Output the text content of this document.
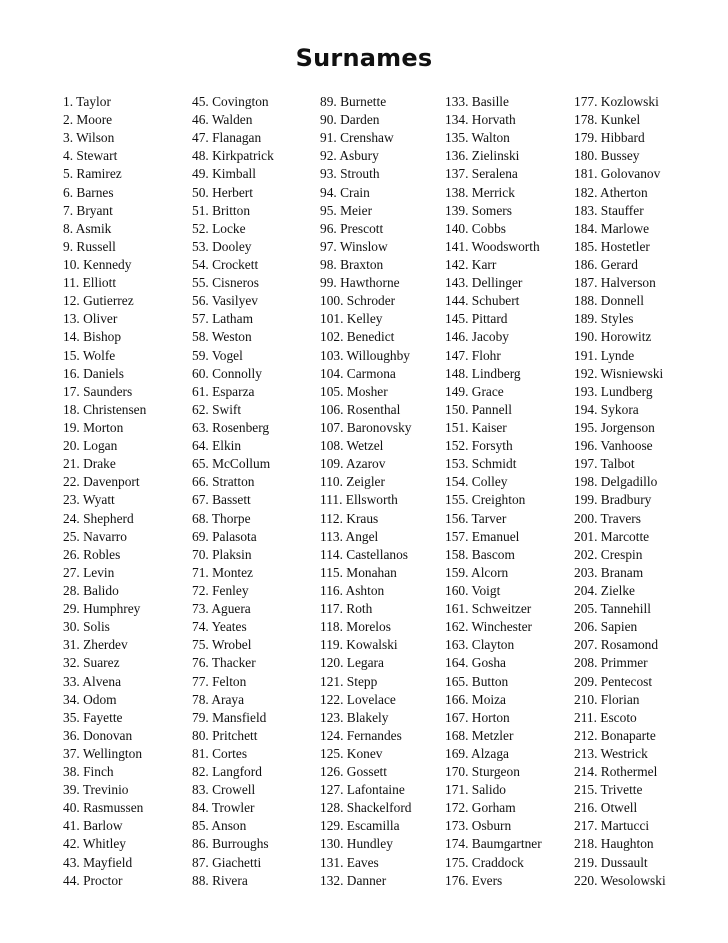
Surnames
1. Taylor
2. Moore
3. Wilson
4. Stewart
5. Ramirez
6. Barnes
7. Bryant
8. Asmik
9. Russell
10. Kennedy
11. Elliott
12. Gutierrez
13. Oliver
14. Bishop
15. Wolfe
16. Daniels
17. Saunders
18. Christensen
19. Morton
20. Logan
21. Drake
22. Davenport
23. Wyatt
24. Shepherd
25. Navarro
26. Robles
27. Levin
28. Balido
29. Humphrey
30. Solis
31. Zherdev
32. Suarez
33. Alvena
34. Odom
35. Fayette
36. Donovan
37. Wellington
38. Finch
39. Trevinio
40. Rasmussen
41. Barlow
42. Whitley
43. Mayfield
44. Proctor
45. Covington
46. Walden
47. Flanagan
48. Kirkpatrick
49. Kimball
50. Herbert
51. Britton
52. Locke
53. Dooley
54. Crockett
55. Cisneros
56. Vasilyev
57. Latham
58. Weston
59. Vogel
60. Connolly
61. Esparza
62. Swift
63. Rosenberg
64. Elkin
65. McCollum
66. Stratton
67. Bassett
68. Thorpe
69. Palasota
70. Plaksin
71. Montez
72. Fenley
73. Aguera
74. Yeates
75. Wrobel
76. Thacker
77. Felton
78. Araya
79. Mansfield
80. Pritchett
81. Cortes
82. Langford
83. Crowell
84. Trowler
85. Anson
86. Burroughs
87. Giachetti
88. Rivera
89. Burnette
90. Darden
91. Crenshaw
92. Asbury
93. Strouth
94. Crain
95. Meier
96. Prescott
97. Winslow
98. Braxton
99. Hawthorne
100. Schroder
101. Kelley
102. Benedict
103. Willoughby
104. Carmona
105. Mosher
106. Rosenthal
107. Baronovsky
108. Wetzel
109. Azarov
110. Zeigler
111. Ellsworth
112. Kraus
113. Angel
114. Castellanos
115. Monahan
116. Ashton
117. Roth
118. Morelos
119. Kowalski
120. Legara
121. Stepp
122. Lovelace
123. Blakely
124. Fernandes
125. Konev
126. Gossett
127. Lafontaine
128. Shackelford
129. Escamilla
130. Hundley
131. Eaves
132. Danner
133. Basille
134. Horvath
135. Walton
136. Zielinski
137. Seralena
138. Merrick
139. Somers
140. Cobbs
141. Woodsworth
142. Karr
143. Dellinger
144. Schubert
145. Pittard
146. Jacoby
147. Flohr
148. Lindberg
149. Grace
150. Pannell
151. Kaiser
152. Forsyth
153. Schmidt
154. Colley
155. Creighton
156. Tarver
157. Emanuel
158. Bascom
159. Alcorn
160. Voigt
161. Schweitzer
162. Winchester
163. Clayton
164. Gosha
165. Button
166. Moiza
167. Horton
168. Metzler
169. Alzaga
170. Sturgeon
171. Salido
172. Gorham
173. Osburn
174. Baumgartner
175. Craddock
176. Evers
177. Kozlowski
178. Kunkel
179. Hibbard
180. Bussey
181. Golovanov
182. Atherton
183. Stauffer
184. Marlowe
185. Hostetler
186. Gerard
187. Halverson
188. Donnell
189. Styles
190. Horowitz
191. Lynde
192. Wisniewski
193. Lundberg
194. Sykora
195. Jorgenson
196. Vanhoose
197. Talbot
198. Delgadillo
199. Bradbury
200. Travers
201. Marcotte
202. Crespin
203. Branam
204. Zielke
205. Tannehill
206. Sapien
207. Rosamond
208. Primmer
209. Pentecost
210. Florian
211. Escoto
212. Bonaparte
213. Westrick
214. Rothermel
215. Trivette
216. Otwell
217. Martucci
218. Haughton
219. Dussault
220. Wesolowski
